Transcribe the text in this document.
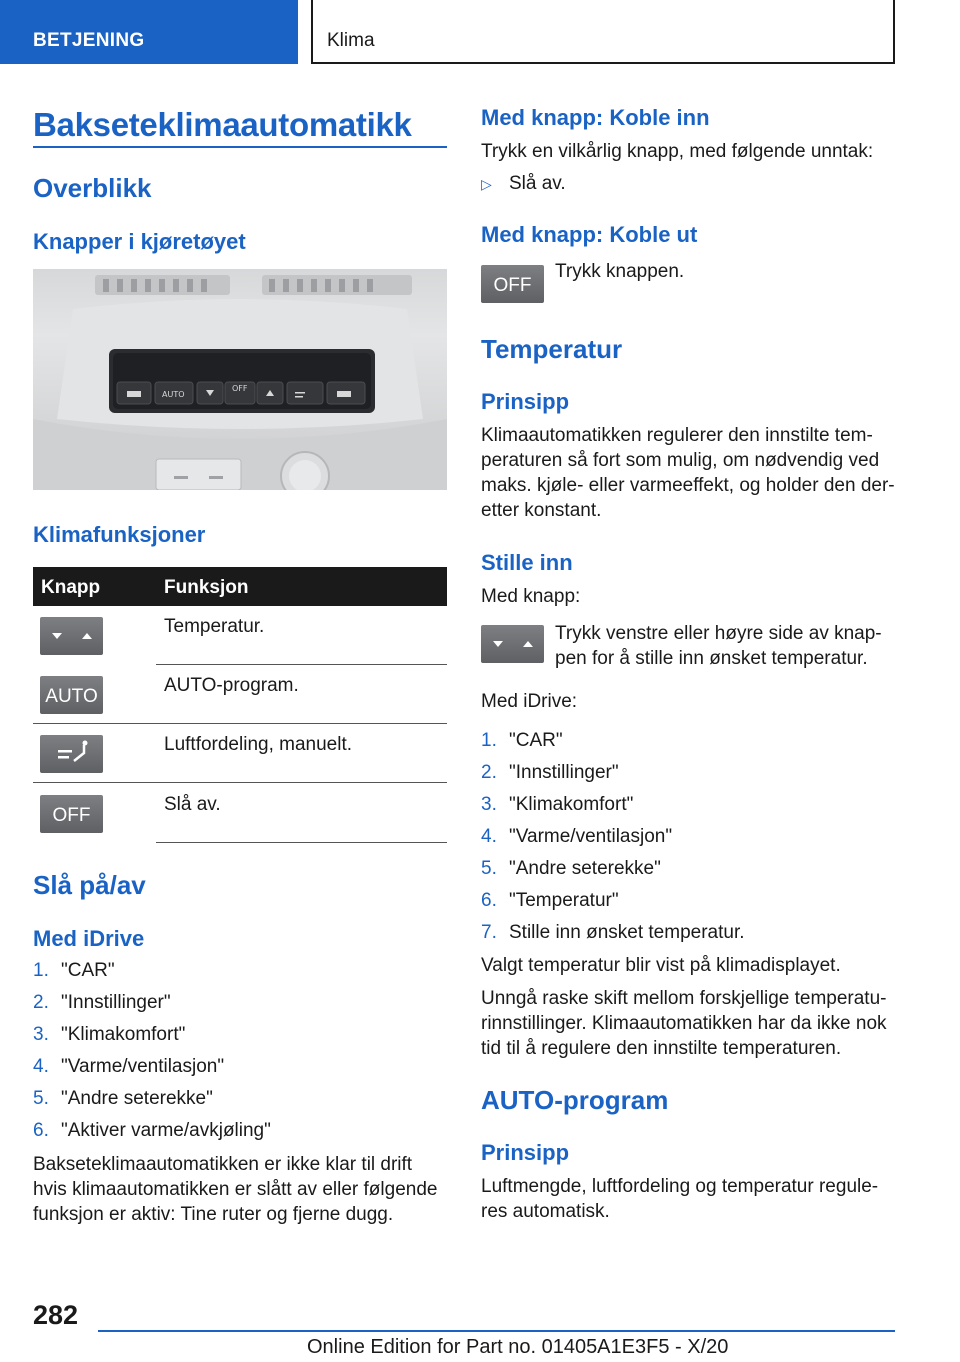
BETJENING	Klima
Bakseteklimaautomatikk
Overblikk
Knapper i kjøretøyet
AUTO
OFF
Klimafunksjoner
Knapp	Funksjon
Temperatur.
AUTO
AUTO-program.
Luftfordeling, manuelt.
OFF
Slå av.
Slå på/av
Med iDrive
1. "CAR"
2. "Innstillinger"
3. "Klimakomfort"
4. "Varme/ventilasjon"
5. "Andre seterekke"
6. "Aktiver varme/avkjøling"
Bakseteklimaautomatikken er ikke klar til drift
hvis klimaautomatikken er slått av eller følgende
funksjon er aktiv: Tine ruter og fjerne dugg.
Med knapp: Koble inn
Trykk en vilkårlig knapp, med følgende unntak:
▷ Slå av.
Med knapp: Koble ut
OFF
Trykk knappen.
Temperatur
Prinsipp
Klimaautomatikken regulerer den innstilte tem-
peraturen så fort som mulig, om nødvendig ved
maks. kjøle- eller varmeeffekt, og holder den der-
etter konstant.
Stille inn
Med knapp:
Trykk venstre eller høyre side av knap-
pen for å stille inn ønsket temperatur.
Med iDrive:
1. "CAR"
2. "Innstillinger"
3. "Klimakomfort"
4. "Varme/ventilasjon"
5. "Andre seterekke"
6. "Temperatur"
7. Stille inn ønsket temperatur.
Valgt temperatur blir vist på klimadisplayet.
Unngå raske skift mellom forskjellige temperatu-
rinnstillinger. Klimaautomatikken har da ikke nok
tid til å regulere den innstilte temperaturen.
AUTO-program
Prinsipp
Luftmengde, luftfordeling og temperatur regule-
res automatisk.
282
Online Edition for Part no. 01405A1E3F5 - X/20
